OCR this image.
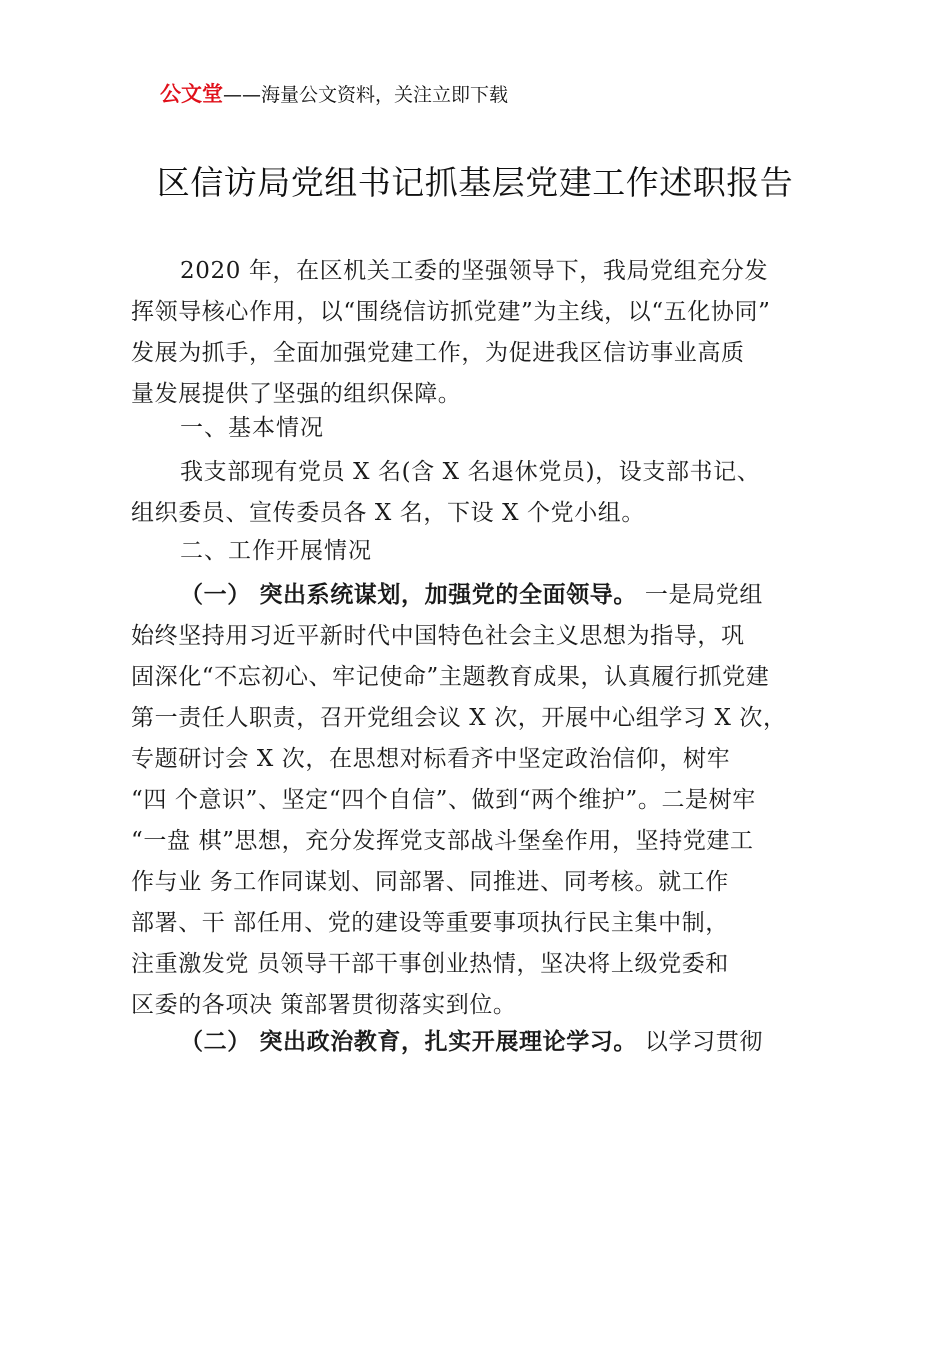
公文堂——海量公文资料，关注立即下载
区信访局党组书记抓基层党建工作述职报告
2020 年，在区机关工委的坚强领导下，我局党组充分发
挥领导核心作用，以“围绕信访抓党建”为主线，以“五化协同”
发展为抓手，全面加强党建工作，为促进我区信访事业高质
量发展提供了坚强的组织保障。
一、基本情况
我支部现有党员 X 名(含 X 名退休党员)，设支部书记、
组织委员、宣传委员各 X 名，下设 X 个党小组。
二、工作开展情况
（一） 突出系统谋划，加强党的全面领导。 一是局党组
始终坚持用习近平新时代中国特色社会主义思想为指导，巩
固深化“不忘初心、牢记使命”主题教育成果，认真履行抓党建
第一责任人职责，召开党组会议 X 次，开展中心组学习 X 次，
专题研讨会 X 次，在思想对标看齐中坚定政治信仰，树牢
“四 个意识”、坚定“四个自信”、做到“两个维护”。二是树牢
“一盘 棋”思想，充分发挥党支部战斗堡垒作用，坚持党建工
作与业 务工作同谋划、同部署、同推进、同考核。就工作
部署、干 部任用、党的建设等重要事项执行民主集中制，
注重激发党 员领导干部干事创业热情，坚决将上级党委和
区委的各项决 策部署贯彻落实到位。
（二） 突出政治教育，扎实开展理论学习。 以学习贯彻
